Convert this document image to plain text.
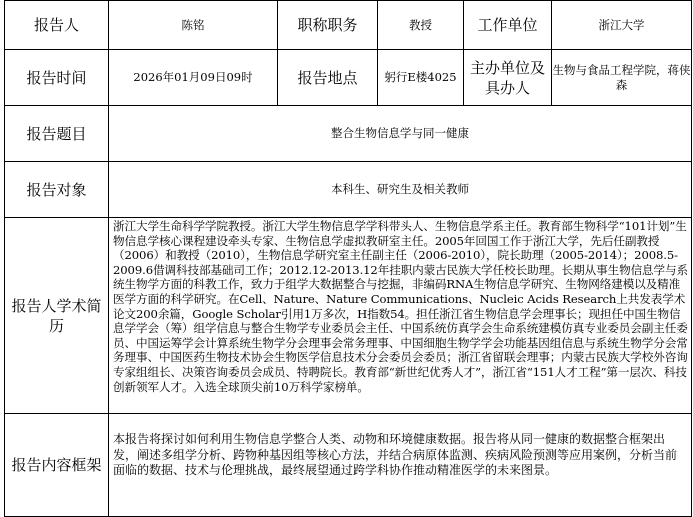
报告人	陈铭	职称职务	教授	工作单位	浙江大学
报告时间	2026年01月09日09时	报告地点	躬行E楼4025	主办单位及具办人	生物与食品工程学院，蒋侠森
报告题目	整合生物信息学与同一健康				
报告对象	本科生、研究生及相关教师				
报告人学术简历	浙江大学生命科学学院教授。浙江大学生物信息学学科带头人、生物信息学系主任。教育部生物科学“101计划”生物信息学核心课程建设牵头专家、生物信息学虚拟教研室主任。2005年回国工作于浙江大学，先后任副教授（2006）和教授（2010），生物信息学研究室主任副主任（2006-2010），院长助理（2005-2014）；2008.5-2009.6借调科技部基础司工作；2012.12-2013.12年挂职内蒙古民族大学任校长助理。长期从事生物信息学与系统生物学方面的科教工作，致力于组学大数据整合与挖掘，非编码RNA生物信息学研究、生物网络建模以及精准医学方面的科学研究。在Cell、Nature、Nature Communications、Nucleic Acids Research上共发表学术论文200余篇，Google Scholar引用1万多次，H指数54。担任浙江省生物信息学会理事长；现担任中国生物信息学学会（筹）组学信息与整合生物学专业委员会主任、中国系统仿真学会生命系统建模仿真专业委员会副主任委员、中国运筹学会计算系统生物学分会理事会常务理事、中国细胞生物学学会功能基因组信息与系统生物学分会常务理事、中国医药生物技术协会生物医学信息技术分会委员会委员；浙江省留联会理事；内蒙古民族大学校外咨询专家组组长、决策咨询委员会成员、特聘院长。教育部“新世纪优秀人才”，浙江省“151人才工程”第一层次、科技创新领军人才。入选全球顶尖前10万科学家榜单。				
报告内容框架	本报告将探讨如何利用生物信息学整合人类、动物和环境健康数据。报告将从同一健康的数据整合框架出发，阐述多组学分析、跨物种基因组等核心方法，并结合病原体监测、疾病风险预测等应用案例，分析当前面临的数据、技术与伦理挑战，最终展望通过跨学科协作推动精准医学的未来图景。				
